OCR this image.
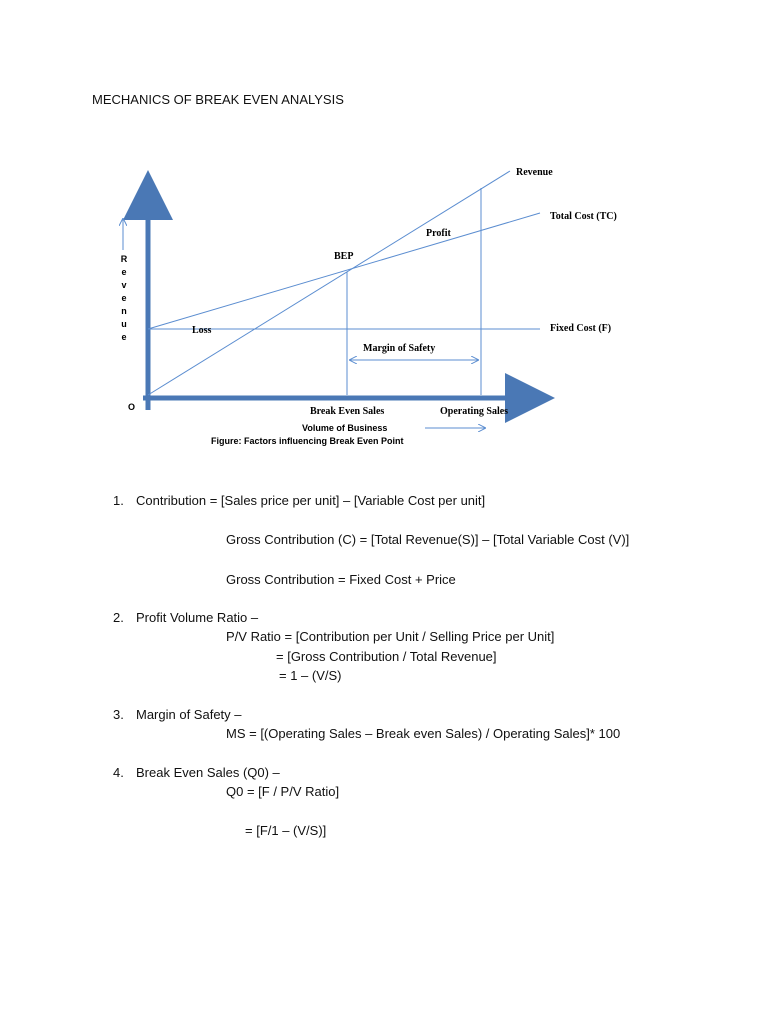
MECHANICS OF BREAK EVEN ANALYSIS
R
e
v
e
n
u
e
O
Revenue
Total Cost (TC)
Fixed Cost (F)
Profit
Loss
BEP
Margin of Safety
Break Even Sales	Operating Sales
Volume of Business
Figure: Factors influencing Break Even Point
1. Contribution = [Sales price per unit] – [Variable Cost per unit]
Gross Contribution (C) = [Total Revenue(S)] – [Total Variable Cost (V)]
Gross Contribution = Fixed Cost + Price
2. Profit Volume Ratio –
P/V Ratio = [Contribution per Unit / Selling Price per Unit]
= [Gross Contribution / Total Revenue]
= 1 – (V/S)
3. Margin of Safety –
MS = [(Operating Sales – Break even Sales) / Operating Sales]* 100
4. Break Even Sales (Q0) –
Q0 = [F / P/V Ratio]
= [F/1 – (V/S)]
